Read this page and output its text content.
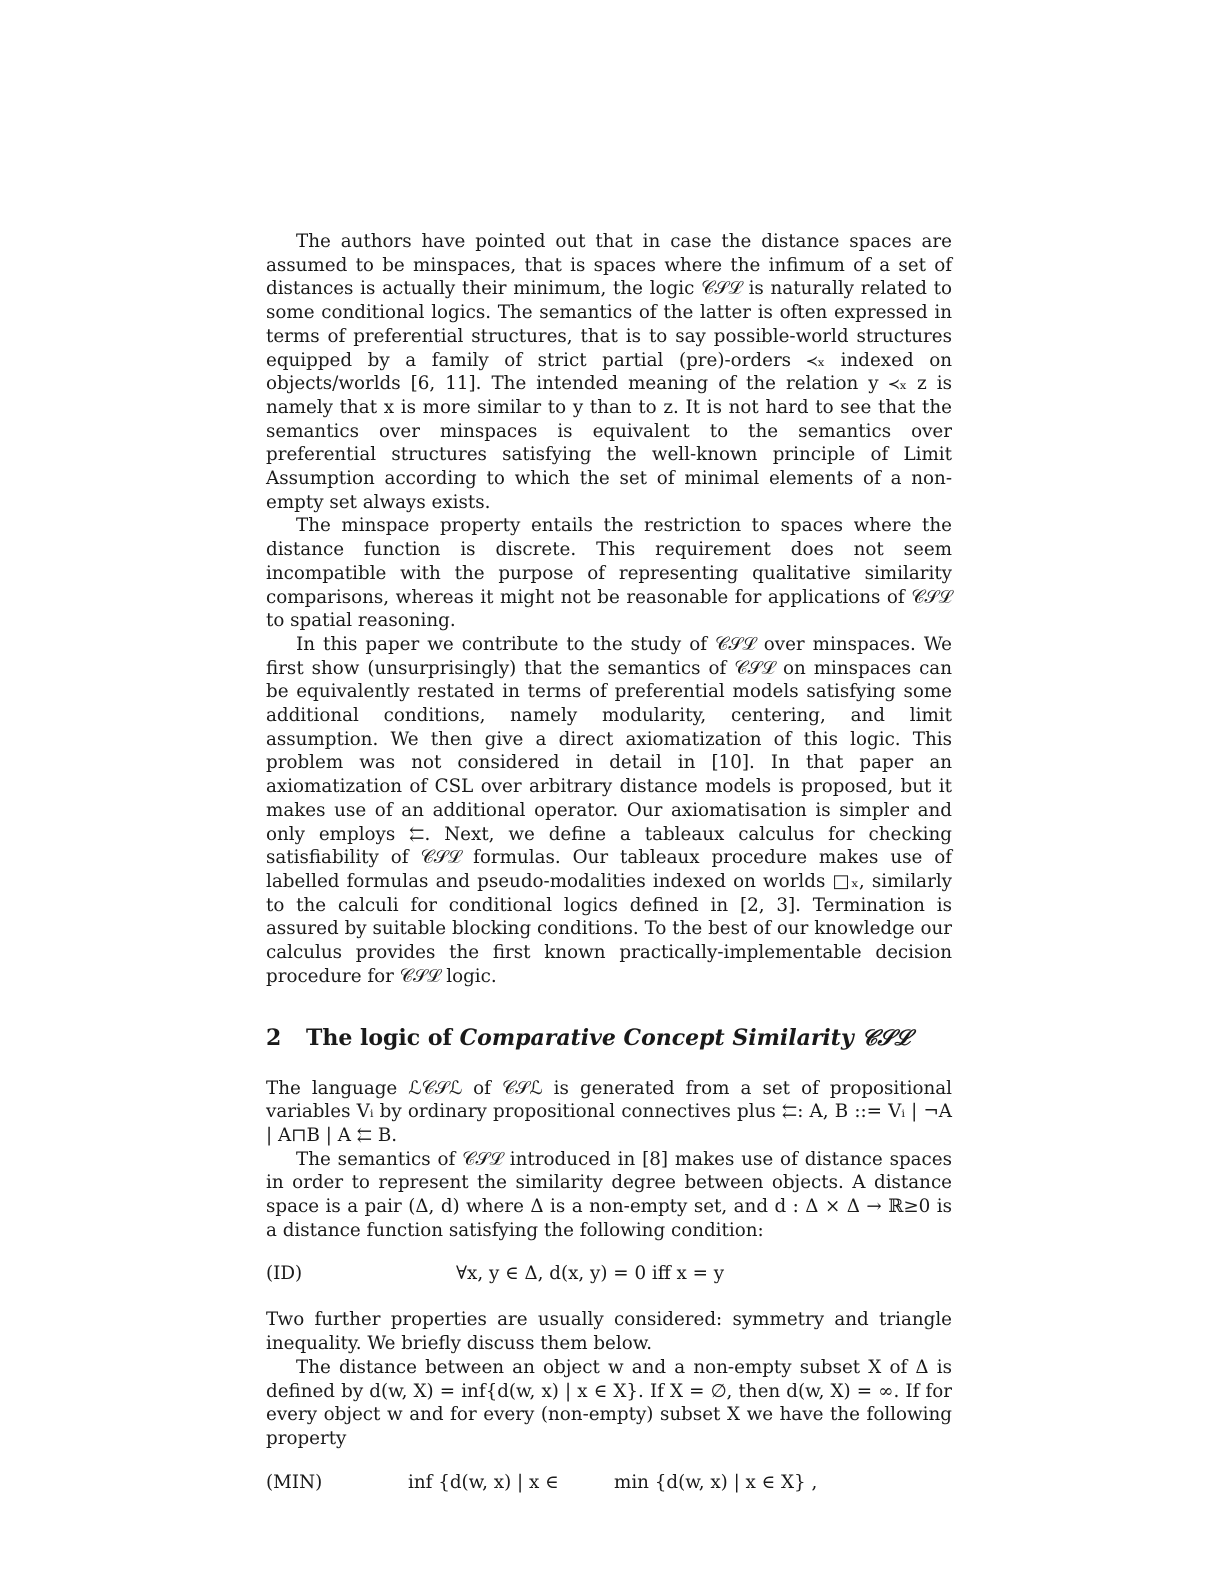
The authors have pointed out that in case the distance spaces are assumed to be minspaces, that is spaces where the infimum of a set of distances is actually their minimum, the logic 𝒞𝒮ℒ is naturally related to some conditional logics. The semantics of the latter is often expressed in terms of preferential structures, that is to say possible-world structures equipped by a family of strict partial (pre)-orders ≺ₓ indexed on objects/worlds [6, 11]. The intended meaning of the relation y ≺ₓ z is namely that x is more similar to y than to z. It is not hard to see that the semantics over minspaces is equivalent to the semantics over preferential structures satisfying the well-known principle of Limit Assumption according to which the set of minimal elements of a non-empty set always exists.

The minspace property entails the restriction to spaces where the distance function is discrete. This requirement does not seem incompatible with the purpose of representing qualitative similarity comparisons, whereas it might not be reasonable for applications of 𝒞𝒮ℒ to spatial reasoning.

In this paper we contribute to the study of 𝒞𝒮ℒ over minspaces. We first show (unsurprisingly) that the semantics of 𝒞𝒮ℒ on minspaces can be equivalently restated in terms of preferential models satisfying some additional conditions, namely modularity, centering, and limit assumption. We then give a direct axiomatization of this logic. This problem was not considered in detail in [10]. In that paper an axiomatization of CSL over arbitrary distance models is proposed, but it makes use of an additional operator. Our axiomatisation is simpler and only employs ⇇. Next, we define a tableaux calculus for checking satisfiability of 𝒞𝒮ℒ formulas. Our tableaux procedure makes use of labelled formulas and pseudo-modalities indexed on worlds □ₓ, similarly to the calculi for conditional logics defined in [2, 3]. Termination is assured by suitable blocking conditions. To the best of our knowledge our calculus provides the first known practically-implementable decision procedure for 𝒞𝒮ℒ logic.

2 The logic of Comparative Concept Similarity 𝒞𝒮ℒ

The language ℒ𝒞𝒮ℒ of 𝒞𝒮ℒ is generated from a set of propositional variables Vᵢ by ordinary propositional connectives plus ⇇: A, B ::= Vᵢ | ¬A | A⊓B | A ⇇ B.

The semantics of 𝒞𝒮ℒ introduced in [8] makes use of distance spaces in order to represent the similarity degree between objects. A distance space is a pair (Δ, d) where Δ is a non-empty set, and d : Δ × Δ → ℝ≥0 is a distance function satisfying the following condition:

(ID)	∀x, y ∈ Δ, d(x, y) = 0 iff x = y

Two further properties are usually considered: symmetry and triangle inequality. We briefly discuss them below.

The distance between an object w and a non-empty subset X of Δ is defined by d(w, X) = inf{d(w, x) | x ∈ X}. If X = ∅, then d(w, X) = ∞. If for every object w and for every (non-empty) subset X we have the following property

(MIN)	inf {d(w, x) | x ∈	min {d(w, x) | x ∈ X} ,
